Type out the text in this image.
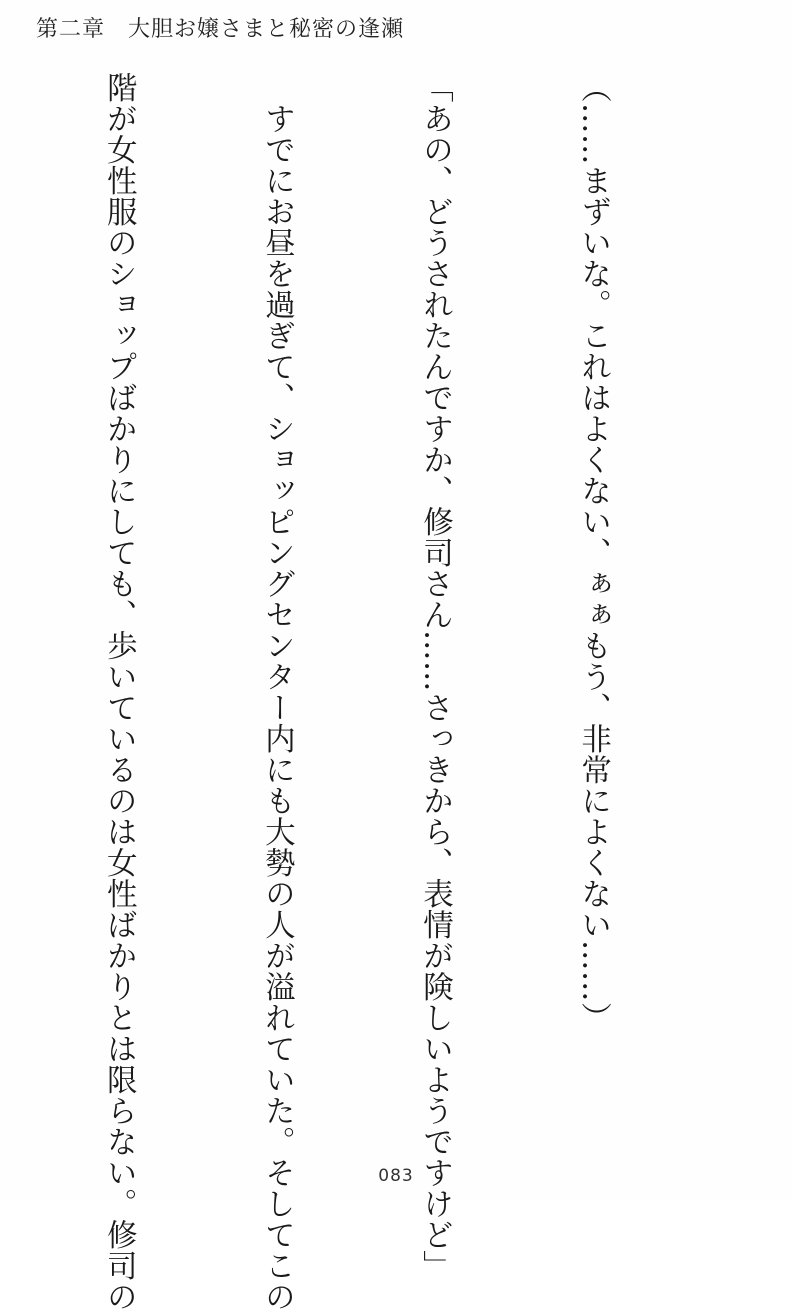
第二章　大胆お嬢さまと秘密の逢瀬

（……まずいな。これはよくない、ぁぁもう、非常によくない……）

「あの、どうされたんですか、修司さん……さっきから、表情が険しいようですけど」

　すでにお昼を過ぎて、ショッピングセンター内にも大勢の人が溢れていた。そしてこの

階が女性服のショップばかりにしても、歩いているのは女性ばかりとは限らない。修司の

	083
